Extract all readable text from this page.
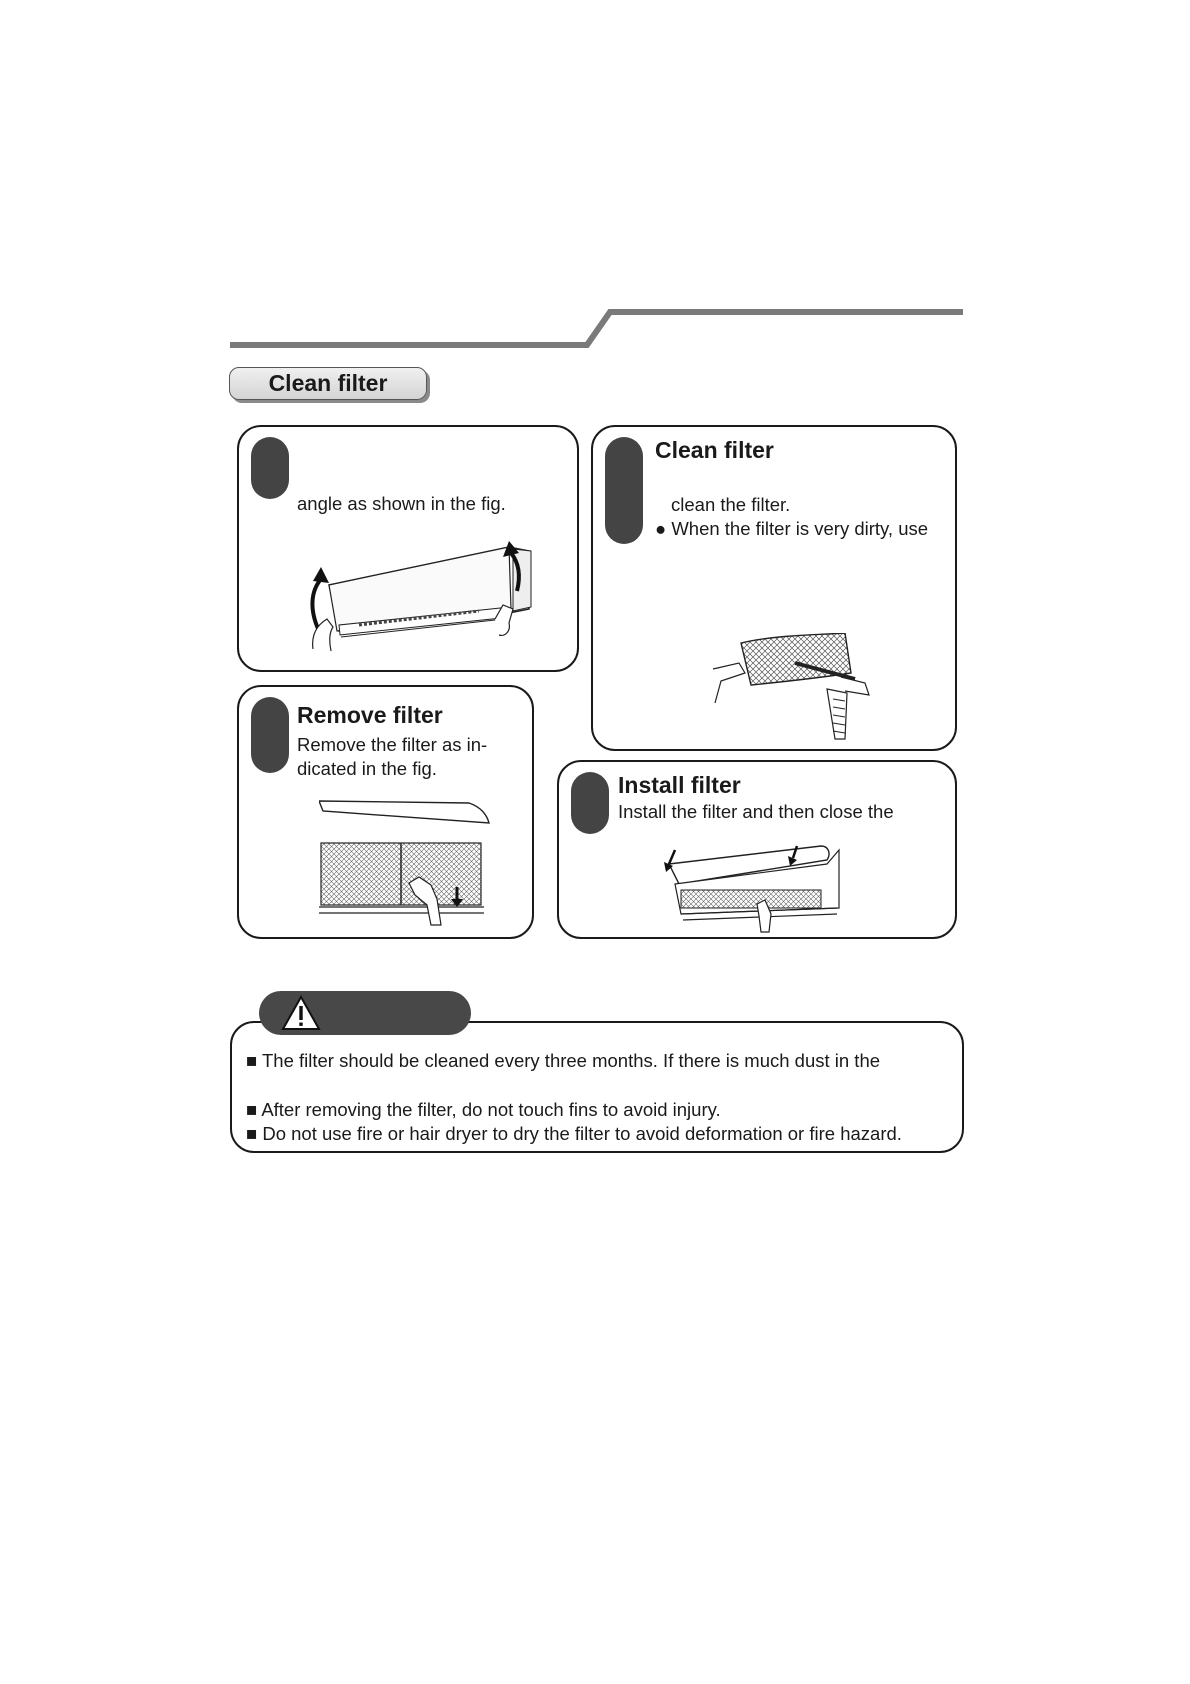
Clean filter
angle as shown in the fig.
Remove filter
Remove the filter as in-
dicated in the fig.
Clean filter
clean the filter.
● When the filter is very dirty, use
Install filter
Install the filter and then close the
■ The filter should be cleaned every three months. If there is much dust in the
■ After removing the filter, do not touch fins to avoid injury.
■ Do not use fire or hair dryer to dry the filter to avoid deformation or fire hazard.
